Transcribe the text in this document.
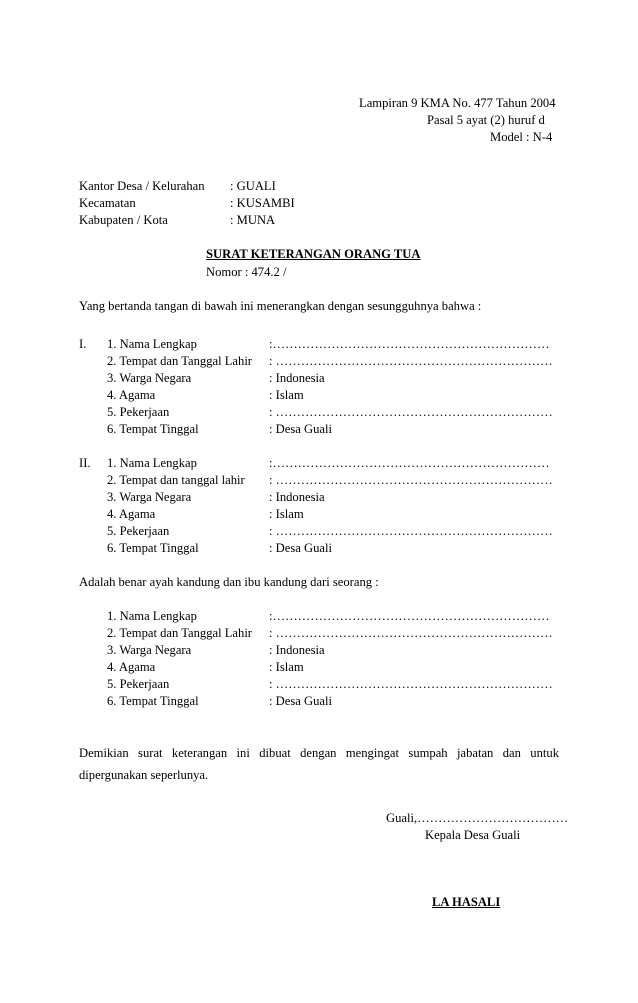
Lampiran 9 KMA No. 477 Tahun 2004
Pasal 5 ayat (2) huruf d
Model : N-4
Kantor Desa / Kelurahan : GUALI
Kecamatan	: KUSAMBI
Kabupaten / Kota	: MUNA
SURAT KETERANGAN ORANG TUA
Nomor : 474.2 /
Yang bertanda tangan di bawah ini menerangkan dengan sesungguhnya bahwa :
I. 1. Nama Lengkap	:…………………………………………………………
2. Tempat dan Tanggal Lahir : …………………………………………………………
3. Warga Negara	: Indonesia
4. Agama	: Islam
5. Pekerjaan	: …………………………………………………………
6. Tempat Tinggal	: Desa Guali
II. 1. Nama Lengkap	:…………………………………………………………
2. Tempat dan tanggal lahir : …………………………………………………………
3. Warga Negara	: Indonesia
4. Agama	: Islam
5. Pekerjaan	: …………………………………………………………
6. Tempat Tinggal	: Desa Guali
Adalah benar ayah kandung dan ibu kandung dari seorang :
1. Nama Lengkap	:…………………………………………………………
2. Tempat dan Tanggal Lahir : …………………………………………………………
3. Warga Negara	: Indonesia
4. Agama	: Islam
5. Pekerjaan	: …………………………………………………………
6. Tempat Tinggal	: Desa Guali
Demikian surat keterangan ini dibuat dengan mengingat sumpah jabatan dan untuk dipergunakan seperlunya.
Guali,………………………………
Kepala Desa Guali
LA HASALI
